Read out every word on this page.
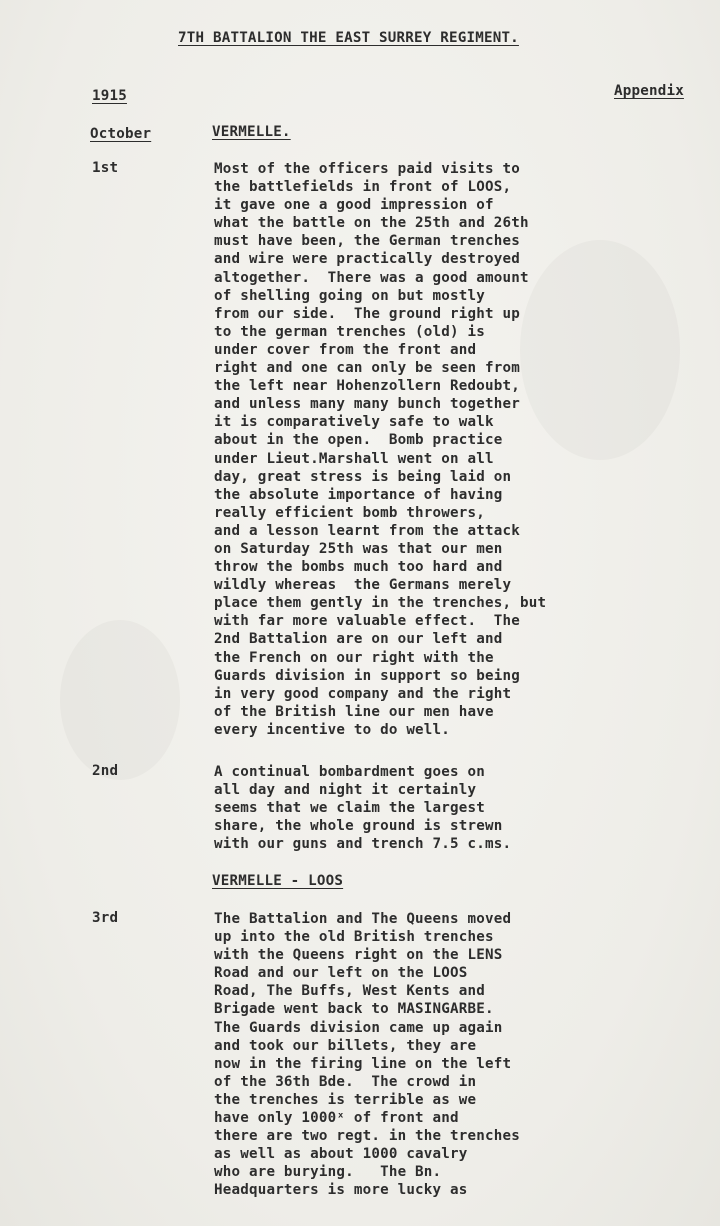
7TH BATTALION THE EAST SURREY REGIMENT.
1915	Appendix
October	VERMELLE.
1st	Most of the officers paid visits to
the battlefields in front of LOOS,
it gave one a good impression of
what the battle on the 25th and 26th
must have been, the German trenches
and wire were practically destroyed
altogether.  There was a good amount
of shelling going on but mostly
from our side.  The ground right up
to the german trenches (old) is
under cover from the front and
right and one can only be seen from
the left near Hohenzollern Redoubt,
and unless many many bunch together
it is comparatively safe to walk
about in the open.  Bomb practice
under Lieut.Marshall went on all
day, great stress is being laid on
the absolute importance of having
really efficient bomb throwers,
and a lesson learnt from the attack
on Saturday 25th was that our men
throw the bombs much too hard and
wildly whereas  the Germans merely
place them gently in the trenches, but
with far more valuable effect.  The
2nd Battalion are on our left and
the French on our right with the
Guards division in support so being
in very good company and the right
of the British line our men have
every incentive to do well.
2nd	A continual bombardment goes on
all day and night it certainly
seems that we claim the largest
share, the whole ground is strewn
with our guns and trench 7.5 c.ms.
VERMELLE - LOOS
3rd	The Battalion and The Queens moved
up into the old British trenches
with the Queens right on the LENS
Road and our left on the LOOS
Road, The Buffs, West Kents and
Brigade went back to MASINGARBE.
The Guards division came up again
and took our billets, they are
now in the firing line on the left
of the 36th Bde.  The crowd in
the trenches is terrible as we
have only 1000ˣ of front and
there are two regt. in the trenches
as well as about 1000 cavalry
who are burying.   The Bn.
Headquarters is more lucky as
